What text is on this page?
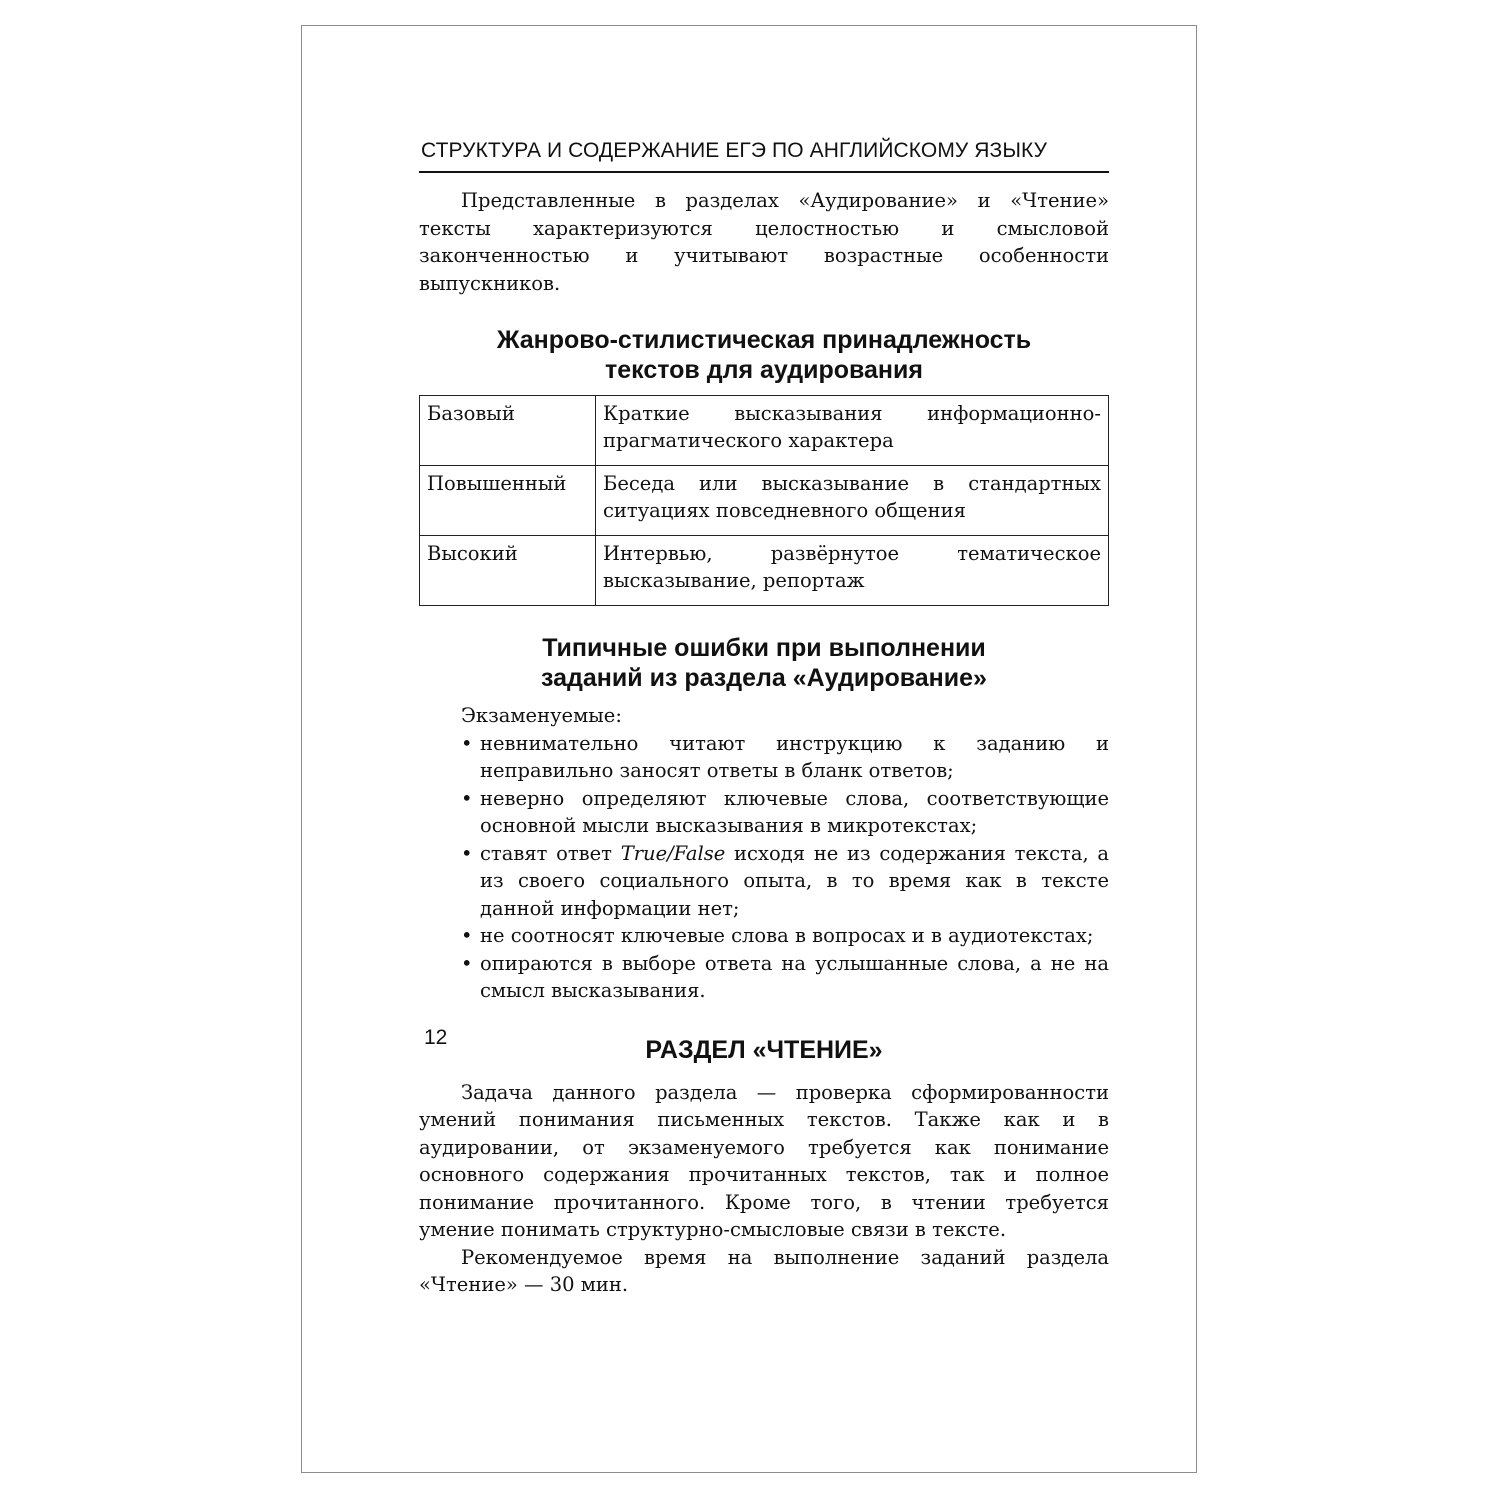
СТРУКТУРА И СОДЕРЖАНИЕ ЕГЭ ПО АНГЛИЙСКОМУ ЯЗЫКУ

Представленные в разделах «Аудирование» и «Чтение» тексты характеризуются целостностью и смысловой законченностью и учитывают возрастные особенности выпускников.

Жанрово-стилистическая принадлежность
текстов для аудирования
Базовый	Краткие высказывания информационно-прагматического характера
Повышенный	Беседа или высказывание в стандартных ситуациях повседневного общения
Высокий	Интервью, развёрнутое тематическое высказывание, репортаж
Типичные ошибки при выполнении
заданий из раздела «Аудирование»

Экзаменуемые:

• невнимательно читают инструкцию к заданию и неправильно заносят ответы в бланк ответов;
• неверно определяют ключевые слова, соответствующие основной мысли высказывания в микротекстах;
• ставят ответ True/False исходя не из содержания текста, а из своего социального опыта, в то время как в тексте данной информации нет;
• не соотносят ключевые слова в вопросах и в аудиотекстах;
• опираются в выборе ответа на услышанные слова, а не на смысл высказывания.
РАЗДЕЛ «ЧТЕНИЕ»

Задача данного раздела — проверка сформированности умений понимания письменных текстов. Также как и в аудировании, от экзаменуемого требуется как понимание основного содержания прочитанных текстов, так и полное понимание прочитанного. Кроме того, в чтении требуется умение понимать структурно-смысловые связи в тексте.

Рекомендуемое время на выполнение заданий раздела «Чтение» — 30 мин.

12
